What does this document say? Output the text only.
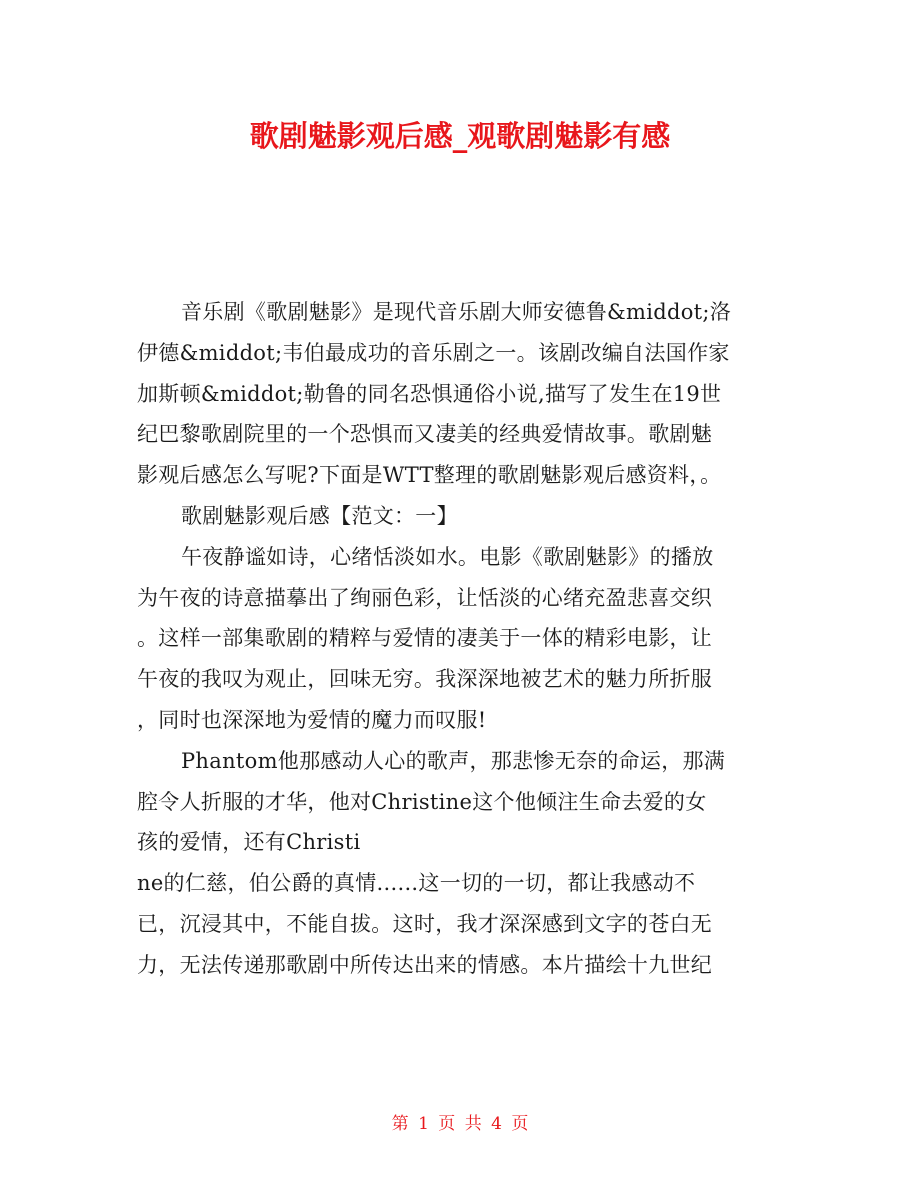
歌剧魅影观后感_观歌剧魅影有感

音乐剧《歌剧魅影》是现代音乐剧大师安德鲁&middot;洛

伊德&middot;韦伯最成功的音乐剧之一。该剧改编自法国作家

加斯顿&middot;勒鲁的同名恐惧通俗小说,描写了发生在19世

纪巴黎歌剧院里的一个恐惧而又凄美的经典爱情故事。歌剧魅

影观后感怎么写呢?下面是WTT整理的歌剧魅影观后感资料，。

歌剧魅影观后感【范文：一】

午夜静谧如诗，心绪恬淡如水。电影《歌剧魅影》的播放

为午夜的诗意描摹出了绚丽色彩，让恬淡的心绪充盈悲喜交织

。这样一部集歌剧的精粹与爱情的凄美于一体的精彩电影，让

午夜的我叹为观止，回味无穷。我深深地被艺术的魅力所折服

，同时也深深地为爱情的魔力而叹服!

Phantom他那感动人心的歌声，那悲惨无奈的命运，那满

腔令人折服的才华，他对Christine这个他倾注生命去爱的女

孩的爱情，还有Christi

ne的仁慈，伯公爵的真情......这一切的一切，都让我感动不

已，沉浸其中，不能自拔。这时，我才深深感到文字的苍白无

力，无法传递那歌剧中所传达出来的情感。本片描绘十九世纪

第 1 页 共 4 页
